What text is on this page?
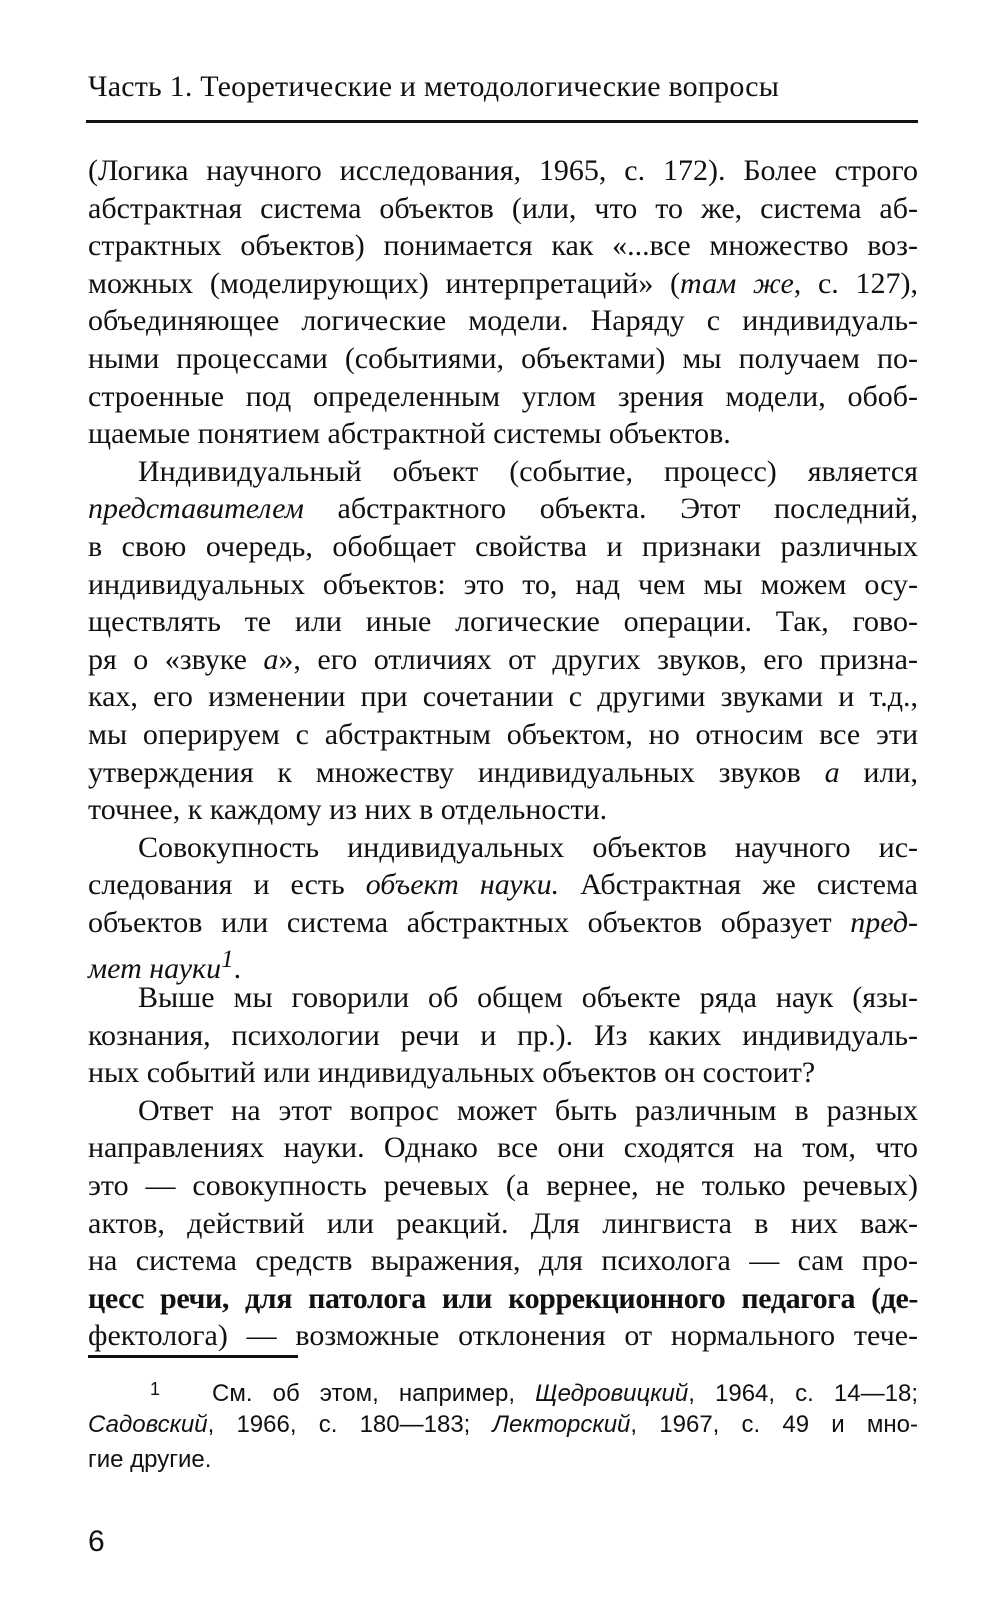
Часть 1. Теоретические и методологические вопросы
(Логика научного исследования, 1965, с. 172). Более строго
абстрактная система объектов (или, что то же, система аб-
страктных объектов) понимается как «...все множество воз-
можных (моделирующих) интерпретаций» (там же, с. 127),
объединяющее логические модели. Наряду с индивидуаль-
ными процессами (событиями, объектами) мы получаем по-
строенные под определенным углом зрения модели, обоб-
щаемые понятием абстрактной системы объектов.
Индивидуальный объект (событие, процесс) является
представителем абстрактного объекта. Этот последний,
в свою очередь, обобщает свойства и признаки различных
индивидуальных объектов: это то, над чем мы можем осу-
ществлять те или иные логические операции. Так, гово-
ря о «звуке а», его отличиях от других звуков, его призна-
ках, его изменении при сочетании с другими звуками и т.д.,
мы оперируем с абстрактным объектом, но относим все эти
утверждения к множеству индивидуальных звуков а или,
точнее, к каждому из них в отдельности.
Совокупность индивидуальных объектов научного ис-
следования и есть объект науки. Абстрактная же система
объектов или система абстрактных объектов образует пред-
мет науки$^1$.
Выше мы говорили об общем объекте ряда наук (язы-
кознания, психологии речи и пр.). Из каких индивидуаль-
ных событий или индивидуальных объектов он состоит?
Ответ на этот вопрос может быть различным в разных
направлениях науки. Однако все они сходятся на том, что
это — совокупность речевых (а вернее, не только речевых)
актов, действий или реакций. Для лингвиста в них важ-
на система средств выражения, для психолога — сам про-
цесс речи, для патолога или коррекционного педагога (де-
фектолога) — возможные отклонения от нормального тече-
1 См. об этом, например, Щедровицкий, 1964, с. 14—18;
Садовский, 1966, с. 180—183; Лекторский, 1967, с. 49 и мно-
гие другие.
6
